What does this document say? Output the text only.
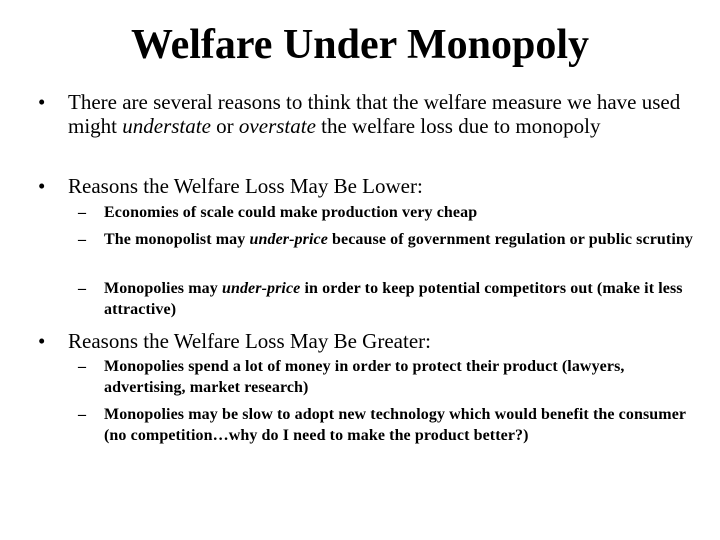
Welfare Under Monopoly
• There are several reasons to think that the welfare measure we have used might understate or overstate the welfare loss due to monopoly
• Reasons the Welfare Loss May Be Lower:
– Economies of scale could make production very cheap
– The monopolist may under-price because of government regulation or public scrutiny
– Monopolies may under-price in order to keep potential competitors out (make it less attractive)
• Reasons the Welfare Loss May Be Greater:
– Monopolies spend a lot of money in order to protect their product (lawyers, advertising, market research)
– Monopolies may be slow to adopt new technology which would benefit the consumer (no competition…why do I need to make the product better?)
